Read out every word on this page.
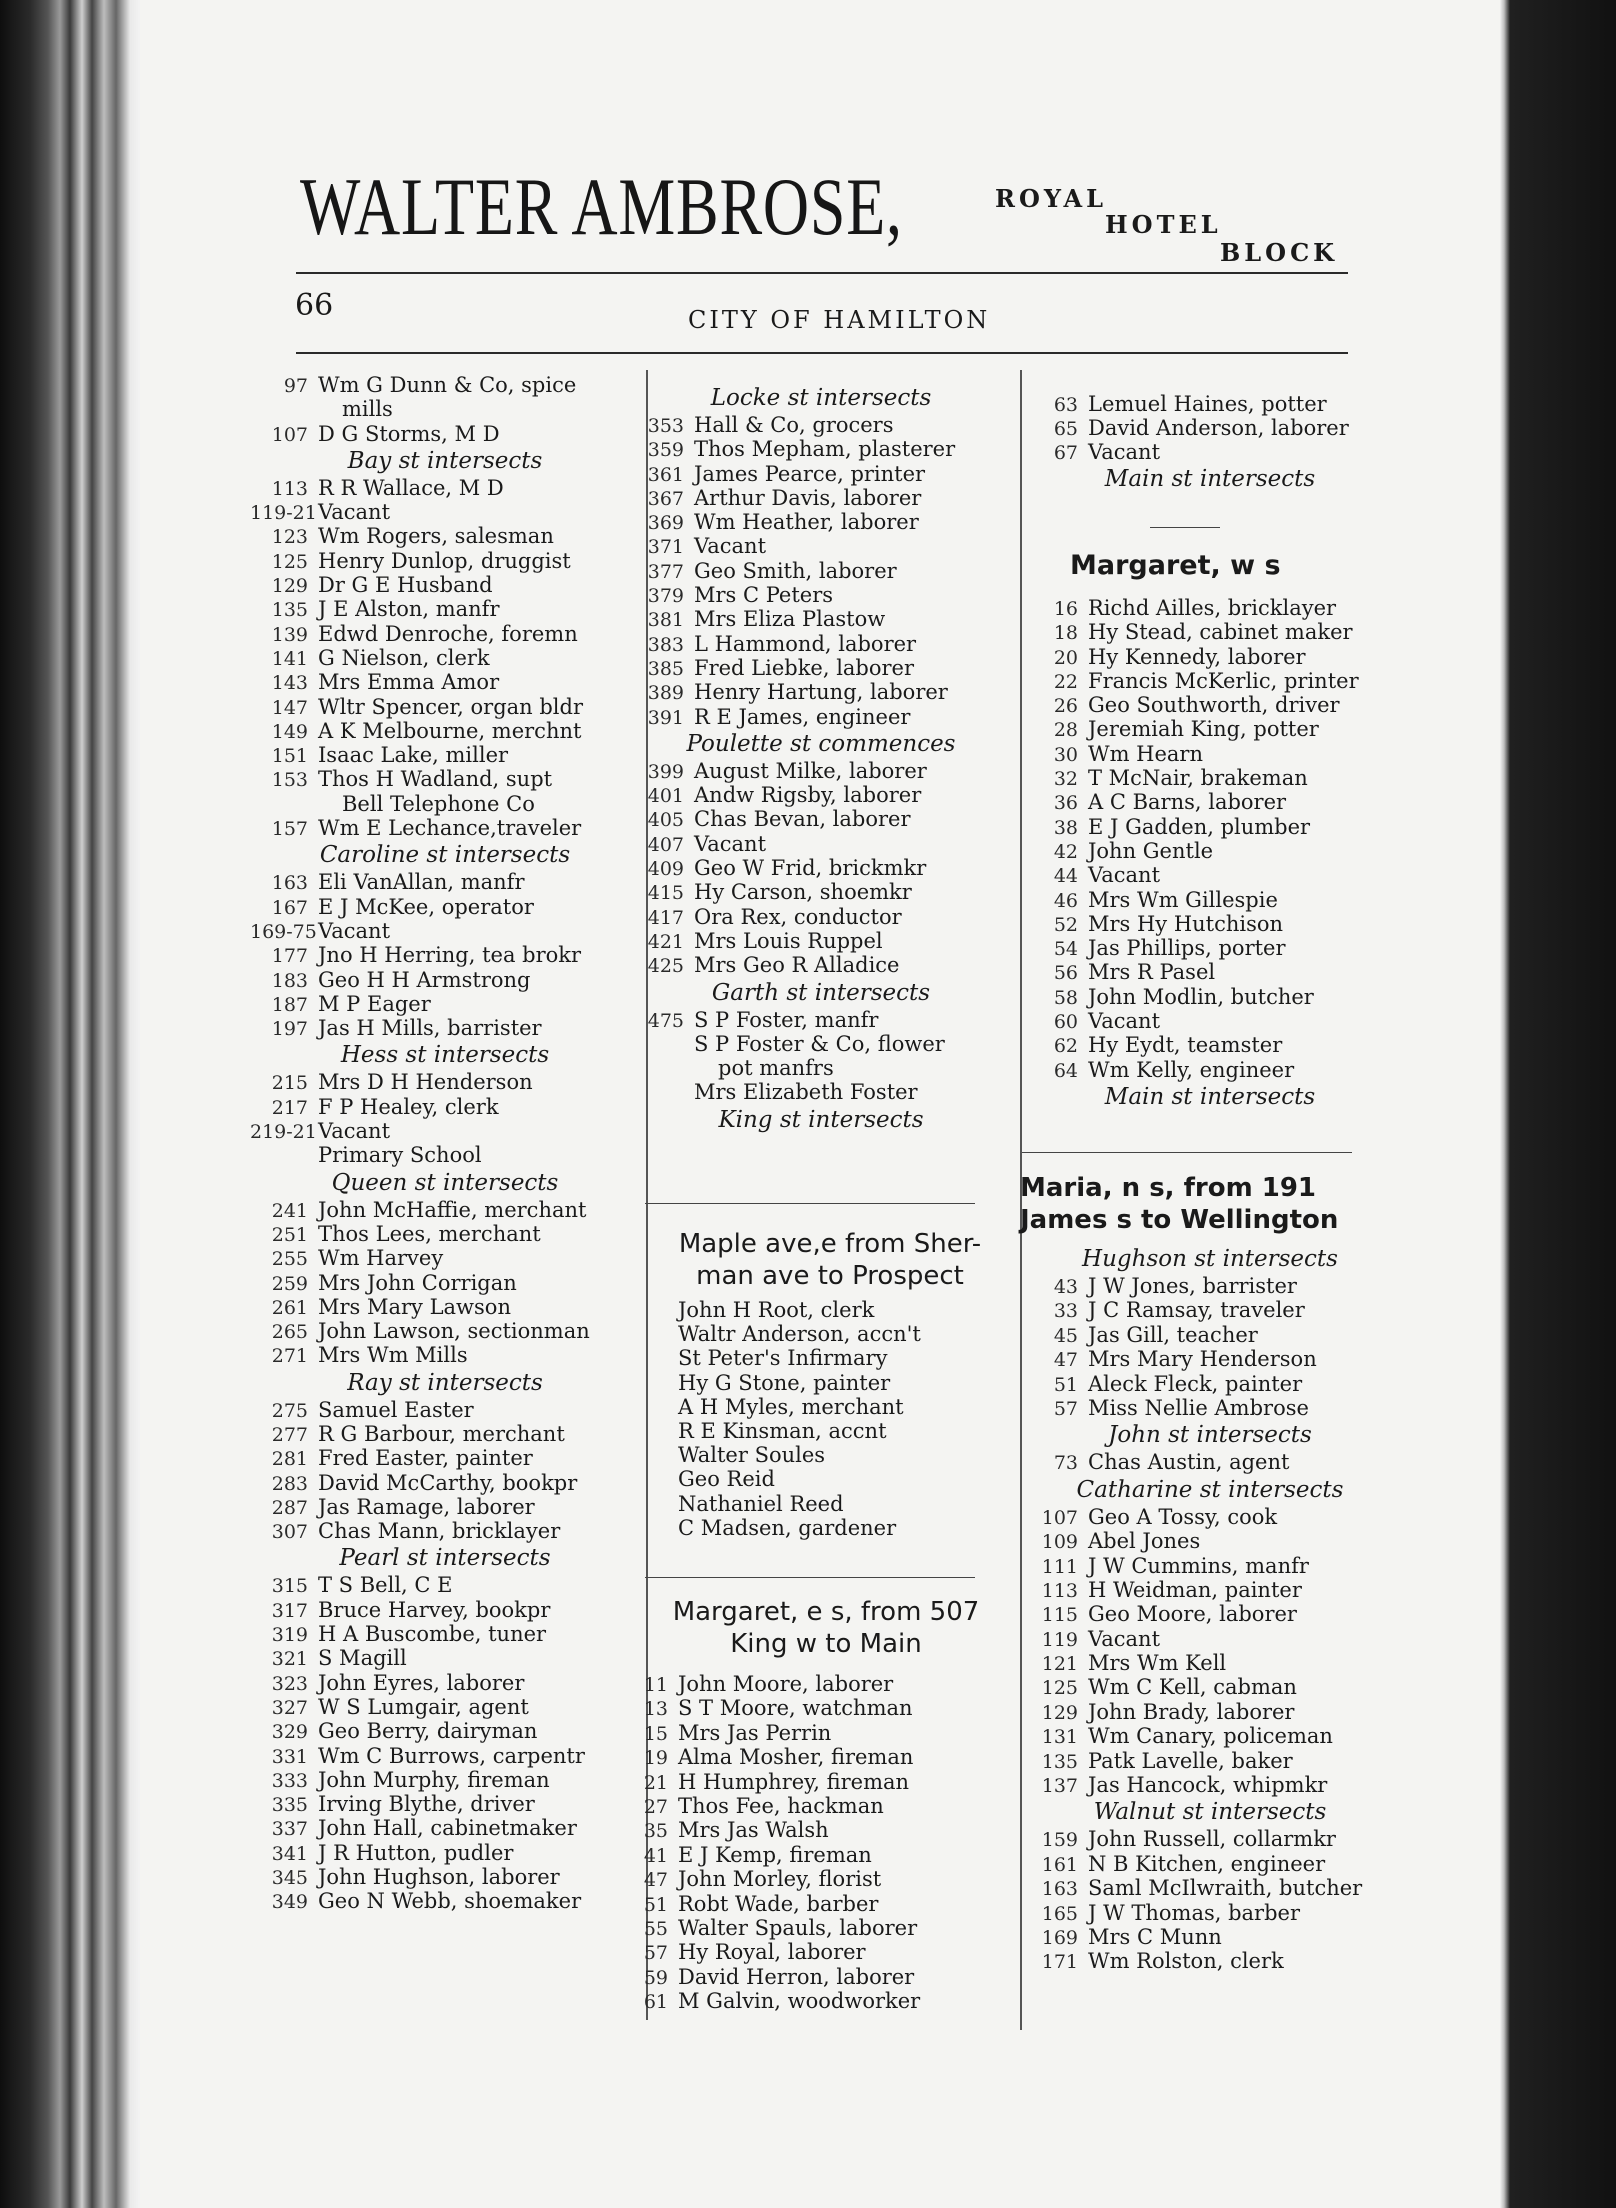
WALTER AMBROSE,	ROYAL
HOTEL
BLOCK
66	CITY OF HAMILTON
97 Wm G Dunn & Co, spice
mills
107 D G Storms, M D
Bay st intersects
113 R R Wallace, M D
119-21Vacant
123 Wm Rogers, salesman
125 Henry Dunlop, druggist
129 Dr G E Husband
135 J E Alston, manfr
139 Edwd Denroche, foremn
141 G Nielson, clerk
143 Mrs Emma Amor
147 Wltr Spencer, organ bldr
149 A K Melbourne, merchnt
151 Isaac Lake, miller
153 Thos H Wadland, supt
Bell Telephone Co
157 Wm E Lechance,traveler
Caroline st intersects
163 Eli VanAllan, manfr
167 E J McKee, operator
169-75Vacant
177 Jno H Herring, tea brokr
183 Geo H H Armstrong
187 M P Eager
197 Jas H Mills, barrister
Hess st intersects
215 Mrs D H Henderson
217 F P Healey, clerk
219-21Vacant
Primary School
Queen st intersects
241 John McHaffie, merchant
251 Thos Lees, merchant
255 Wm Harvey
259 Mrs John Corrigan
261 Mrs Mary Lawson
265 John Lawson, sectionman
271 Mrs Wm Mills
Ray st intersects
275 Samuel Easter
277 R G Barbour, merchant
281 Fred Easter, painter
283 David McCarthy, bookpr
287 Jas Ramage, laborer
307 Chas Mann, bricklayer
Pearl st intersects
315 T S Bell, C E
317 Bruce Harvey, bookpr
319 H A Buscombe, tuner
321 S Magill
323 John Eyres, laborer
327 W S Lumgair, agent
329 Geo Berry, dairyman
331 Wm C Burrows, carpentr
333 John Murphy, fireman
335 Irving Blythe, driver
337 John Hall, cabinetmaker
341 J R Hutton, pudler
345 John Hughson, laborer
349 Geo N Webb, shoemaker
Locke st intersects
353 Hall & Co, grocers
359 Thos Mepham, plasterer
361 James Pearce, printer
367 Arthur Davis, laborer
369 Wm Heather, laborer
371 Vacant
377 Geo Smith, laborer
379 Mrs C Peters
381 Mrs Eliza Plastow
383 L Hammond, laborer
385 Fred Liebke, laborer
389 Henry Hartung, laborer
391 R E James, engineer
Poulette st commences
399 August Milke, laborer
401 Andw Rigsby, laborer
405 Chas Bevan, laborer
407 Vacant
409 Geo W Frid, brickmkr
415 Hy Carson, shoemkr
417 Ora Rex, conductor
421 Mrs Louis Ruppel
425 Mrs Geo R Alladice
Garth st intersects
475 S P Foster, manfr
S P Foster & Co, flower
pot manfrs
Mrs Elizabeth Foster
King st intersects
Maple ave,e from Sher-
man ave to Prospect
John H Root, clerk
Waltr Anderson, accn't
St Peter's Infirmary
Hy G Stone, painter
A H Myles, merchant
R E Kinsman, accnt
Walter Soules
Geo Reid
Nathaniel Reed
C Madsen, gardener
Margaret, e s, from 507
King w to Main
11 John Moore, laborer
13 S T Moore, watchman
15 Mrs Jas Perrin
19 Alma Mosher, fireman
21 H Humphrey, fireman
27 Thos Fee, hackman
35 Mrs Jas Walsh
41 E J Kemp, fireman
47 John Morley, florist
51 Robt Wade, barber
55 Walter Spauls, laborer
57 Hy Royal, laborer
59 David Herron, laborer
61 M Galvin, woodworker
63 Lemuel Haines, potter
65 David Anderson, laborer
67 Vacant
Main st intersects
Margaret, w s
16 Richd Ailles, bricklayer
18 Hy Stead, cabinet maker
20 Hy Kennedy, laborer
22 Francis McKerlic, printer
26 Geo Southworth, driver
28 Jeremiah King, potter
30 Wm Hearn
32 T McNair, brakeman
36 A C Barns, laborer
38 E J Gadden, plumber
42 John Gentle
44 Vacant
46 Mrs Wm Gillespie
52 Mrs Hy Hutchison
54 Jas Phillips, porter
56 Mrs R Pasel
58 John Modlin, butcher
60 Vacant
62 Hy Eydt, teamster
64 Wm Kelly, engineer
Main st intersects
Maria, n s, from 191
James s to Wellington
Hughson st intersects
43 J W Jones, barrister
33 J C Ramsay, traveler
45 Jas Gill, teacher
47 Mrs Mary Henderson
51 Aleck Fleck, painter
57 Miss Nellie Ambrose
John st intersects
73 Chas Austin, agent
Catharine st intersects
107 Geo A Tossy, cook
109 Abel Jones
111 J W Cummins, manfr
113 H Weidman, painter
115 Geo Moore, laborer
119 Vacant
121 Mrs Wm Kell
125 Wm C Kell, cabman
129 John Brady, laborer
131 Wm Canary, policeman
135 Patk Lavelle, baker
137 Jas Hancock, whipmkr
Walnut st intersects
159 John Russell, collarmkr
161 N B Kitchen, engineer
163 Saml McIlwraith, butcher
165 J W Thomas, barber
169 Mrs C Munn
171 Wm Rolston, clerk
